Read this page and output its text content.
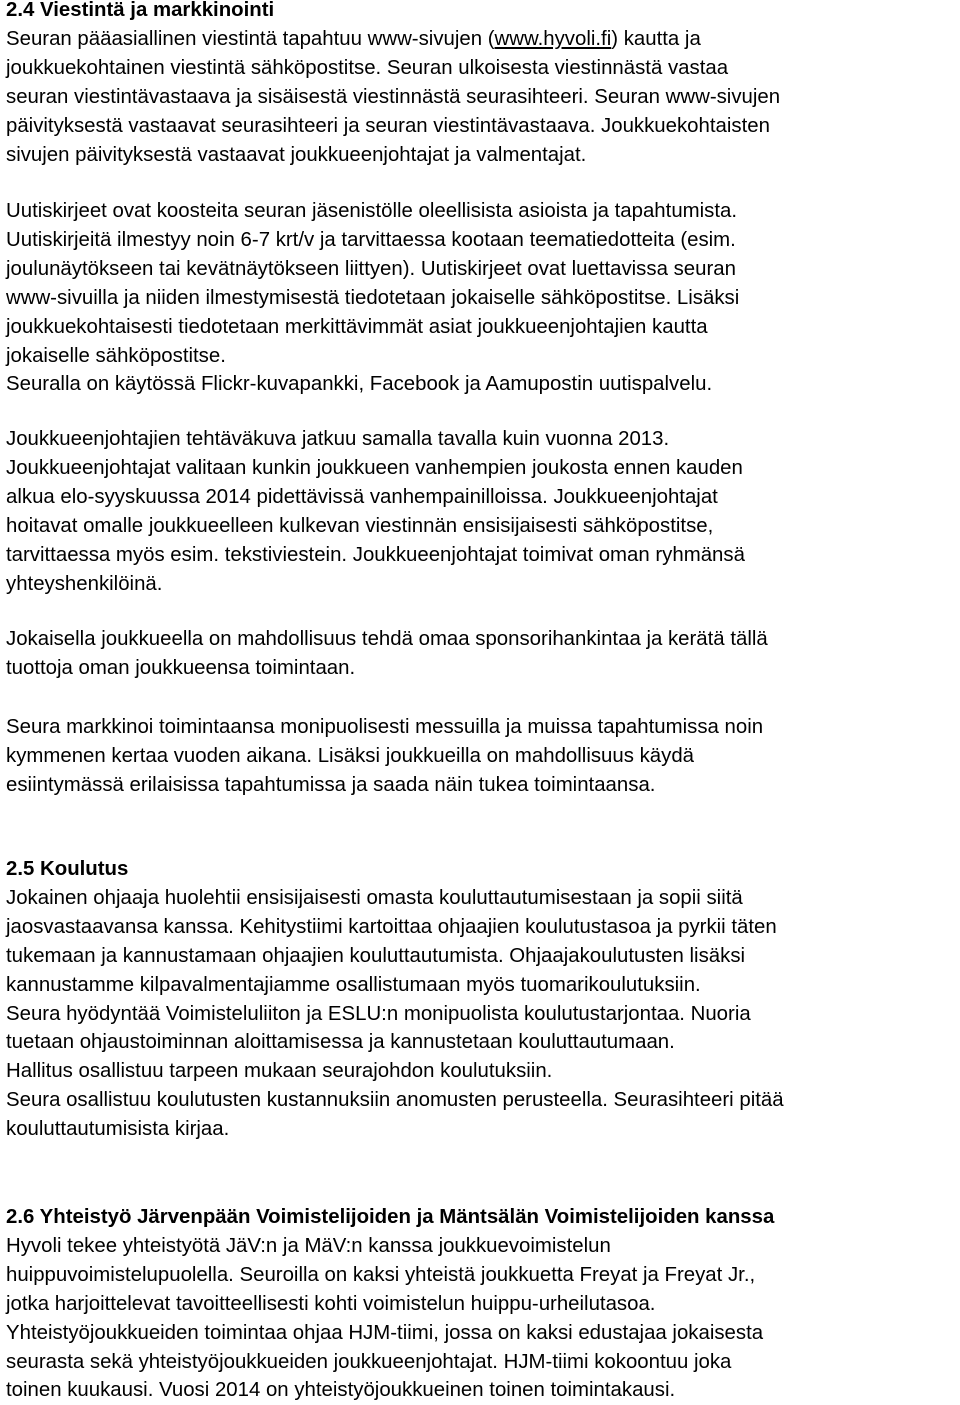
2.4 Viestintä ja markkinointi

Seuran pääasiallinen viestintä tapahtuu www-sivujen (www.hyvoli.fi) kautta ja

joukkuekohtainen viestintä sähköpostitse. Seuran ulkoisesta viestinnästä vastaa

seuran viestintävastaava ja sisäisestä viestinnästä seurasihteeri. Seuran www-sivujen

päivityksestä vastaavat seurasihteeri ja seuran viestintävastaava. Joukkuekohtaisten

sivujen päivityksestä vastaavat joukkueenjohtajat ja valmentajat.

Uutiskirjeet ovat koosteita seuran jäsenistölle oleellisista asioista ja tapahtumista.

Uutiskirjeitä ilmestyy noin 6-7 krt/v ja tarvittaessa kootaan teematiedotteita (esim.

joulunäytökseen tai kevätnäytökseen liittyen). Uutiskirjeet ovat luettavissa seuran

www-sivuilla ja niiden ilmestymisestä tiedotetaan jokaiselle sähköpostitse. Lisäksi

joukkuekohtaisesti tiedotetaan merkittävimmät asiat joukkueenjohtajien kautta

jokaiselle sähköpostitse.

Seuralla on käytössä Flickr-kuvapankki, Facebook ja Aamupostin uutispalvelu.

Joukkueenjohtajien tehtäväkuva jatkuu samalla tavalla kuin vuonna 2013.

Joukkueenjohtajat valitaan kunkin joukkueen vanhempien joukosta ennen kauden

alkua elo-syyskuussa 2014 pidettävissä vanhempainilloissa. Joukkueenjohtajat

hoitavat omalle joukkueelleen kulkevan viestinnän ensisijaisesti sähköpostitse,

tarvittaessa myös esim. tekstiviestein. Joukkueenjohtajat toimivat oman ryhmänsä

yhteyshenkilöinä.

Jokaisella joukkueella on mahdollisuus tehdä omaa sponsorihankintaa ja kerätä tällä

tuottoja oman joukkueensa toimintaan.

Seura markkinoi toimintaansa monipuolisesti messuilla ja muissa tapahtumissa noin

kymmenen kertaa vuoden aikana. Lisäksi joukkueilla on mahdollisuus käydä

esiintymässä erilaisissa tapahtumissa ja saada näin tukea toimintaansa.

2.5 Koulutus

Jokainen ohjaaja huolehtii ensisijaisesti omasta kouluttautumisestaan ja sopii siitä

jaosvastaavansa kanssa. Kehitystiimi kartoittaa ohjaajien koulutustasoa ja pyrkii täten

tukemaan ja kannustamaan ohjaajien kouluttautumista. Ohjaajakoulutusten lisäksi

kannustamme kilpavalmentajiamme osallistumaan myös tuomarikoulutuksiin.

Seura hyödyntää Voimisteluliiton ja ESLU:n monipuolista koulutustarjontaa. Nuoria

tuetaan ohjaustoiminnan aloittamisessa ja kannustetaan kouluttautumaan.

Hallitus osallistuu tarpeen mukaan seurajohdon koulutuksiin.

Seura osallistuu koulutusten kustannuksiin anomusten perusteella. Seurasihteeri pitää

kouluttautumisista kirjaa.

2.6 Yhteistyö Järvenpään Voimistelijoiden ja Mäntsälän Voimistelijoiden kanssa

Hyvoli tekee yhteistyötä JäV:n ja MäV:n kanssa joukkuevoimistelun

huippuvoimistelupuolella. Seuroilla on kaksi yhteistä joukkuetta Freyat ja Freyat Jr.,

jotka harjoittelevat tavoitteellisesti kohti voimistelun huippu-urheilutasoa.

Yhteistyöjoukkueiden toimintaa ohjaa HJM-tiimi, jossa on kaksi edustajaa jokaisesta

seurasta sekä yhteistyöjoukkueiden joukkueenjohtajat. HJM-tiimi kokoontuu joka

toinen kuukausi. Vuosi 2014 on yhteistyöjoukkueinen toinen toimintakausi.
